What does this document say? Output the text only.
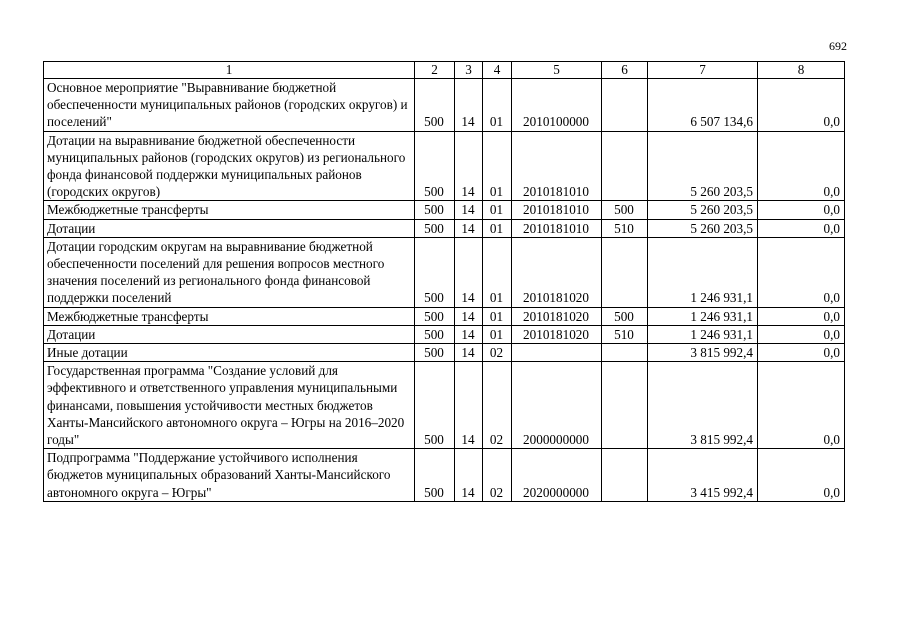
692
1	2	3	4	5	6	7	8
Основное мероприятие "Выравнивание бюджетной обеспеченности муниципальных районов (городских округов) и поселений"	500	14	01	2010100000		6 507 134,6	0,0
Дотации на выравнивание бюджетной обеспеченности муниципальных районов (городских округов) из регионального фонда финансовой поддержки муниципальных районов (городских округов)	500	14	01	2010181010		5 260 203,5	0,0
Межбюджетные трансферты	500	14	01	2010181010	500	5 260 203,5	0,0
Дотации	500	14	01	2010181010	510	5 260 203,5	0,0
Дотации городским округам на выравнивание бюджетной обеспеченности поселений для решения вопросов местного значения поселений из регионального фонда финансовой поддержки поселений	500	14	01	2010181020		1 246 931,1	0,0
Межбюджетные трансферты	500	14	01	2010181020	500	1 246 931,1	0,0
Дотации	500	14	01	2010181020	510	1 246 931,1	0,0
Иные дотации	500	14	02			3 815 992,4	0,0
Государственная программа "Создание условий для эффективного и ответственного управления муниципальными финансами, повышения устойчивости местных бюджетов Ханты-Мансийского автономного округа – Югры на 2016–2020 годы"	500	14	02	2000000000		3 815 992,4	0,0
Подпрограмма "Поддержание устойчивого исполнения бюджетов муниципальных образований Ханты-Мансийского автономного округа – Югры"	500	14	02	2020000000		3 415 992,4	0,0
